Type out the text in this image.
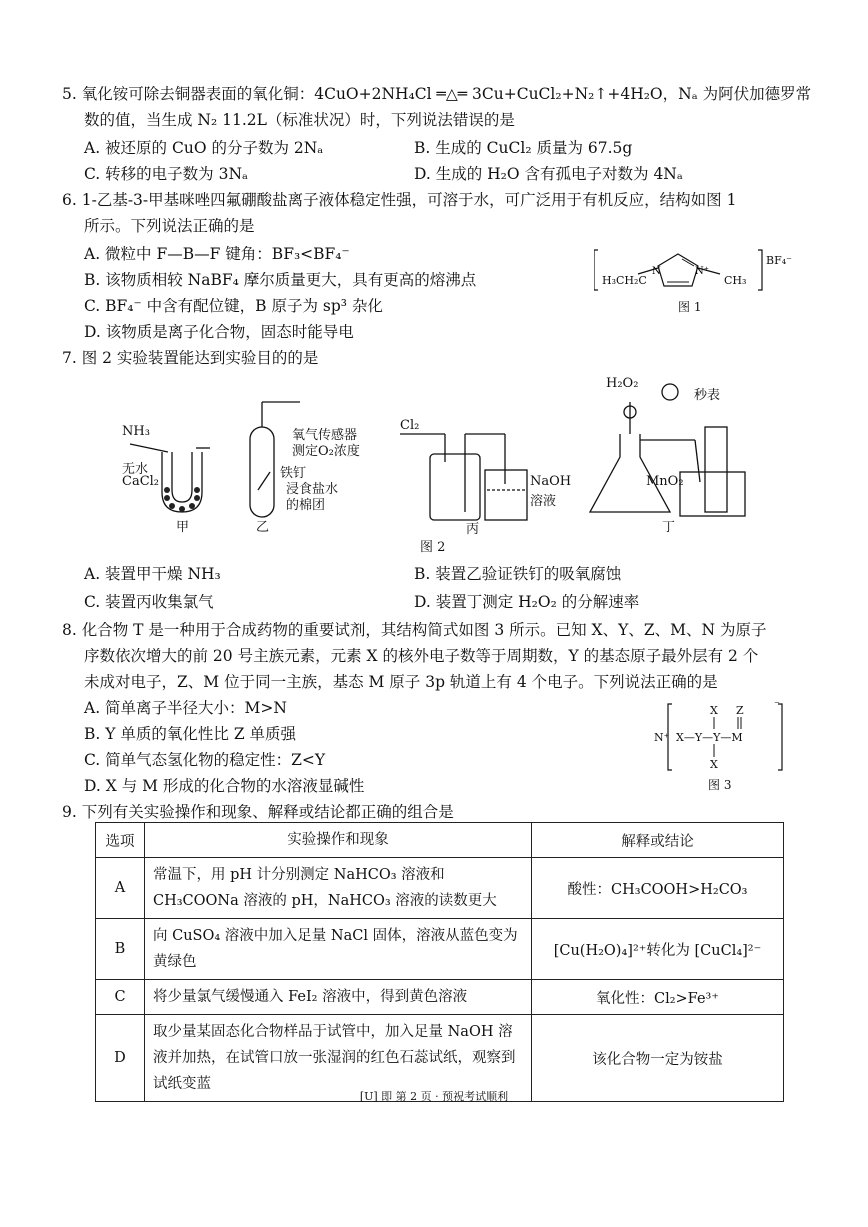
5. 氧化铵可除去铜器表面的氧化铜：4CuO+2NH₄Cl ═△═ 3Cu+CuCl₂+N₂↑+4H₂O，Nₐ 为阿伏加德罗常
数的值，当生成 N₂ 11.2L（标准状况）时，下列说法错误的是
A. 被还原的 CuO 的分子数为 2Nₐ	B. 生成的 CuCl₂ 质量为 67.5g
C. 转移的电子数为 3Nₐ	D. 生成的 H₂O 含有孤电子对数为 4Nₐ
6. 1-乙基-3-甲基咪唑四氟硼酸盐离子液体稳定性强，可溶于水，可广泛用于有机反应，结构如图 1
所示。下列说法正确的是
A. 微粒中 F—B—F 键角：BF₃<BF₄⁻
B. 该物质相较 NaBF₄ 摩尔质量更大，具有更高的熔沸点
C. BF₄⁻ 中含有配位键，B 原子为 sp³ 杂化
D. 该物质是离子化合物，固态时能导电
N	N⁺
H₃CH₂C	CH₃
BF₄⁻
图 1
7. 图 2 实验装置能达到实验目的的是
NH₃
无水
CaCl₂
甲
氧气传感器
测定O₂浓度
铁钉
浸食盐水
的棉团
乙
Cl₂
NaOH
溶液
丙
H₂O₂
秒表
MnO₂
丁
图 2
A. 装置甲干燥 NH₃	B. 装置乙验证铁钉的吸氧腐蚀
C. 装置丙收集氯气	D. 装置丁测定 H₂O₂ 的分解速率
8. 化合物 T 是一种用于合成药物的重要试剂，其结构简式如图 3 所示。已知 X、Y、Z、M、N 为原子
序数依次增大的前 20 号主族元素，元素 X 的核外电子数等于周期数，Y 的基态原子最外层有 2 个
未成对电子，Z、M 位于同一主族，基态 M 原子 3p 轨道上有 4 个电子。下列说法正确的是
A. 简单离子半径大小：M>N
B. Y 单质的氧化性比 Z 单质强
C. 简单气态氢化物的稳定性：Z<Y
D. X 与 M 形成的化合物的水溶液显碱性
N⁺ X—Y—Y—M
X Z
X
⁻
图 3
9. 下列有关实验操作和现象、解释或结论都正确的组合是
选项	实验操作和现象	解释或结论
A	常温下，用 pH 计分别测定 NaHCO₃ 溶液和 CH₃COONa 溶液的 pH，NaHCO₃ 溶液的读数更大	酸性：CH₃COOH>H₂CO₃
B	向 CuSO₄ 溶液中加入足量 NaCl 固体，溶液从蓝色变为黄绿色	[Cu(H₂O)₄]²⁺转化为 [CuCl₄]²⁻
C	将少量氯气缓慢通入 FeI₂ 溶液中，得到黄色溶液	氧化性：Cl₂>Fe³⁺
D	取少量某固态化合物样品于试管中，加入足量 NaOH 溶液并加热，在试管口放一张湿润的红色石蕊试纸，观察到试纸变蓝	该化合物一定为铵盐
[U] 即 第 2 页 · 预祝考试顺利
